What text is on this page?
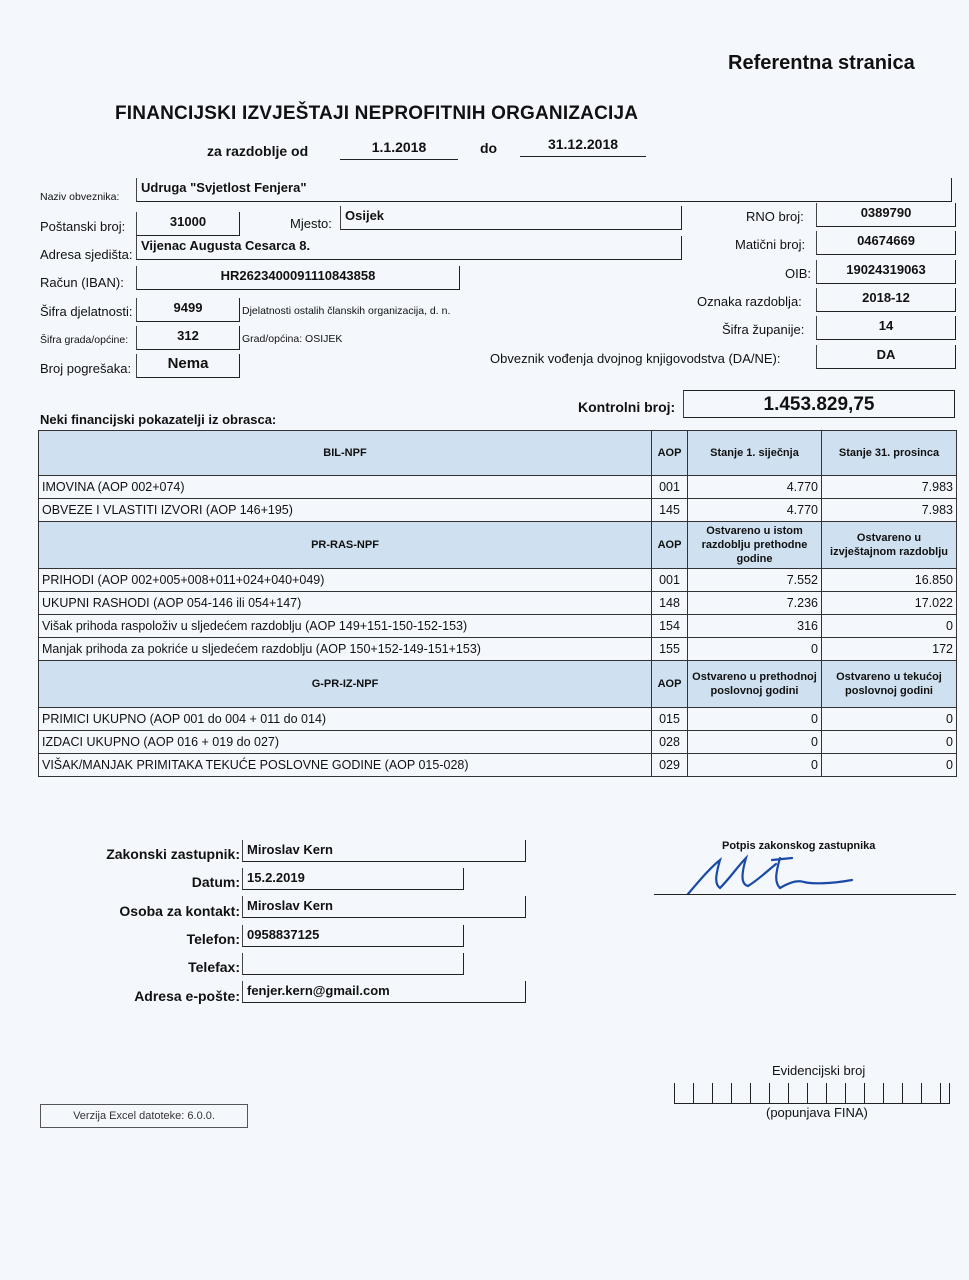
Referentna stranica
FINANCIJSKI IZVJEŠTAJI NEPROFITNIH ORGANIZACIJA
za razdoblje od	1.1.2018	do	31.12.2018
Naziv obveznika:
Udruga "Svjetlost Fenjera"
Poštanski broj:	31000	Mjesto:
Osijek
Adresa sjedišta:
Vijenac Augusta Cesarca 8.
Račun (IBAN):	HR2623400091110843858
Šifra djelatnosti:	9499	Djelatnosti ostalih članskih organizacija, d. n.
Šifra grada/općine:	312	Grad/općina: OSIJEK
Broj pogrešaka:	Nema
RNO broj:	0389790
Matični broj:	04674669
OIB:	19024319063
Oznaka razdoblja:	2018-12
Šifra županije:	14
Obveznik vođenja dvojnog knjigovodstva (DA/NE):	DA
Neki financijski pokazatelji iz obrasca:
Kontrolni broj:	1.453.829,75
BIL-NPF	AOP	Stanje 1. siječnja	Stanje 31. prosinca
IMOVINA (AOP 002+074)	001	4.770	7.983
OBVEZE I VLASTITI IZVORI (AOP 146+195)	145	4.770	7.983
PR-RAS-NPF	AOP	Ostvareno u istom razdoblju prethodne godine	Ostvareno u izvještajnom razdoblju
PRIHODI (AOP 002+005+008+011+024+040+049)	001	7.552	16.850
UKUPNI RASHODI (AOP 054-146 ili 054+147)	148	7.236	17.022
Višak prihoda raspoloživ u sljedećem razdoblju (AOP 149+151-150-152-153)	154	316	0
Manjak prihoda za pokriće u sljedećem razdoblju (AOP 150+152-149-151+153)	155	0	172
G-PR-IZ-NPF	AOP	Ostvareno u prethodnoj poslovnoj godini	Ostvareno u tekućoj poslovnoj godini
PRIMICI UKUPNO (AOP 001 do 004 + 011 do 014)	015	0	0
IZDACI UKUPNO (AOP 016 + 019 do 027)	028	0	0
VIŠAK/MANJAK PRIMITAKA TEKUĆE POSLOVNE GODINE (AOP 015-028)	029	0	0
Zakonski zastupnik: Miroslav Kern
Datum: 15.2.2019
Osoba za kontakt: Miroslav Kern
Telefon: 0958837125
Telefax:
Adresa e-pošte: fenjer.kern@gmail.com
Potpis zakonskog zastupnika
Evidencijski broj
(popunjava FINA)
Verzija Excel datoteke: 6.0.0.
